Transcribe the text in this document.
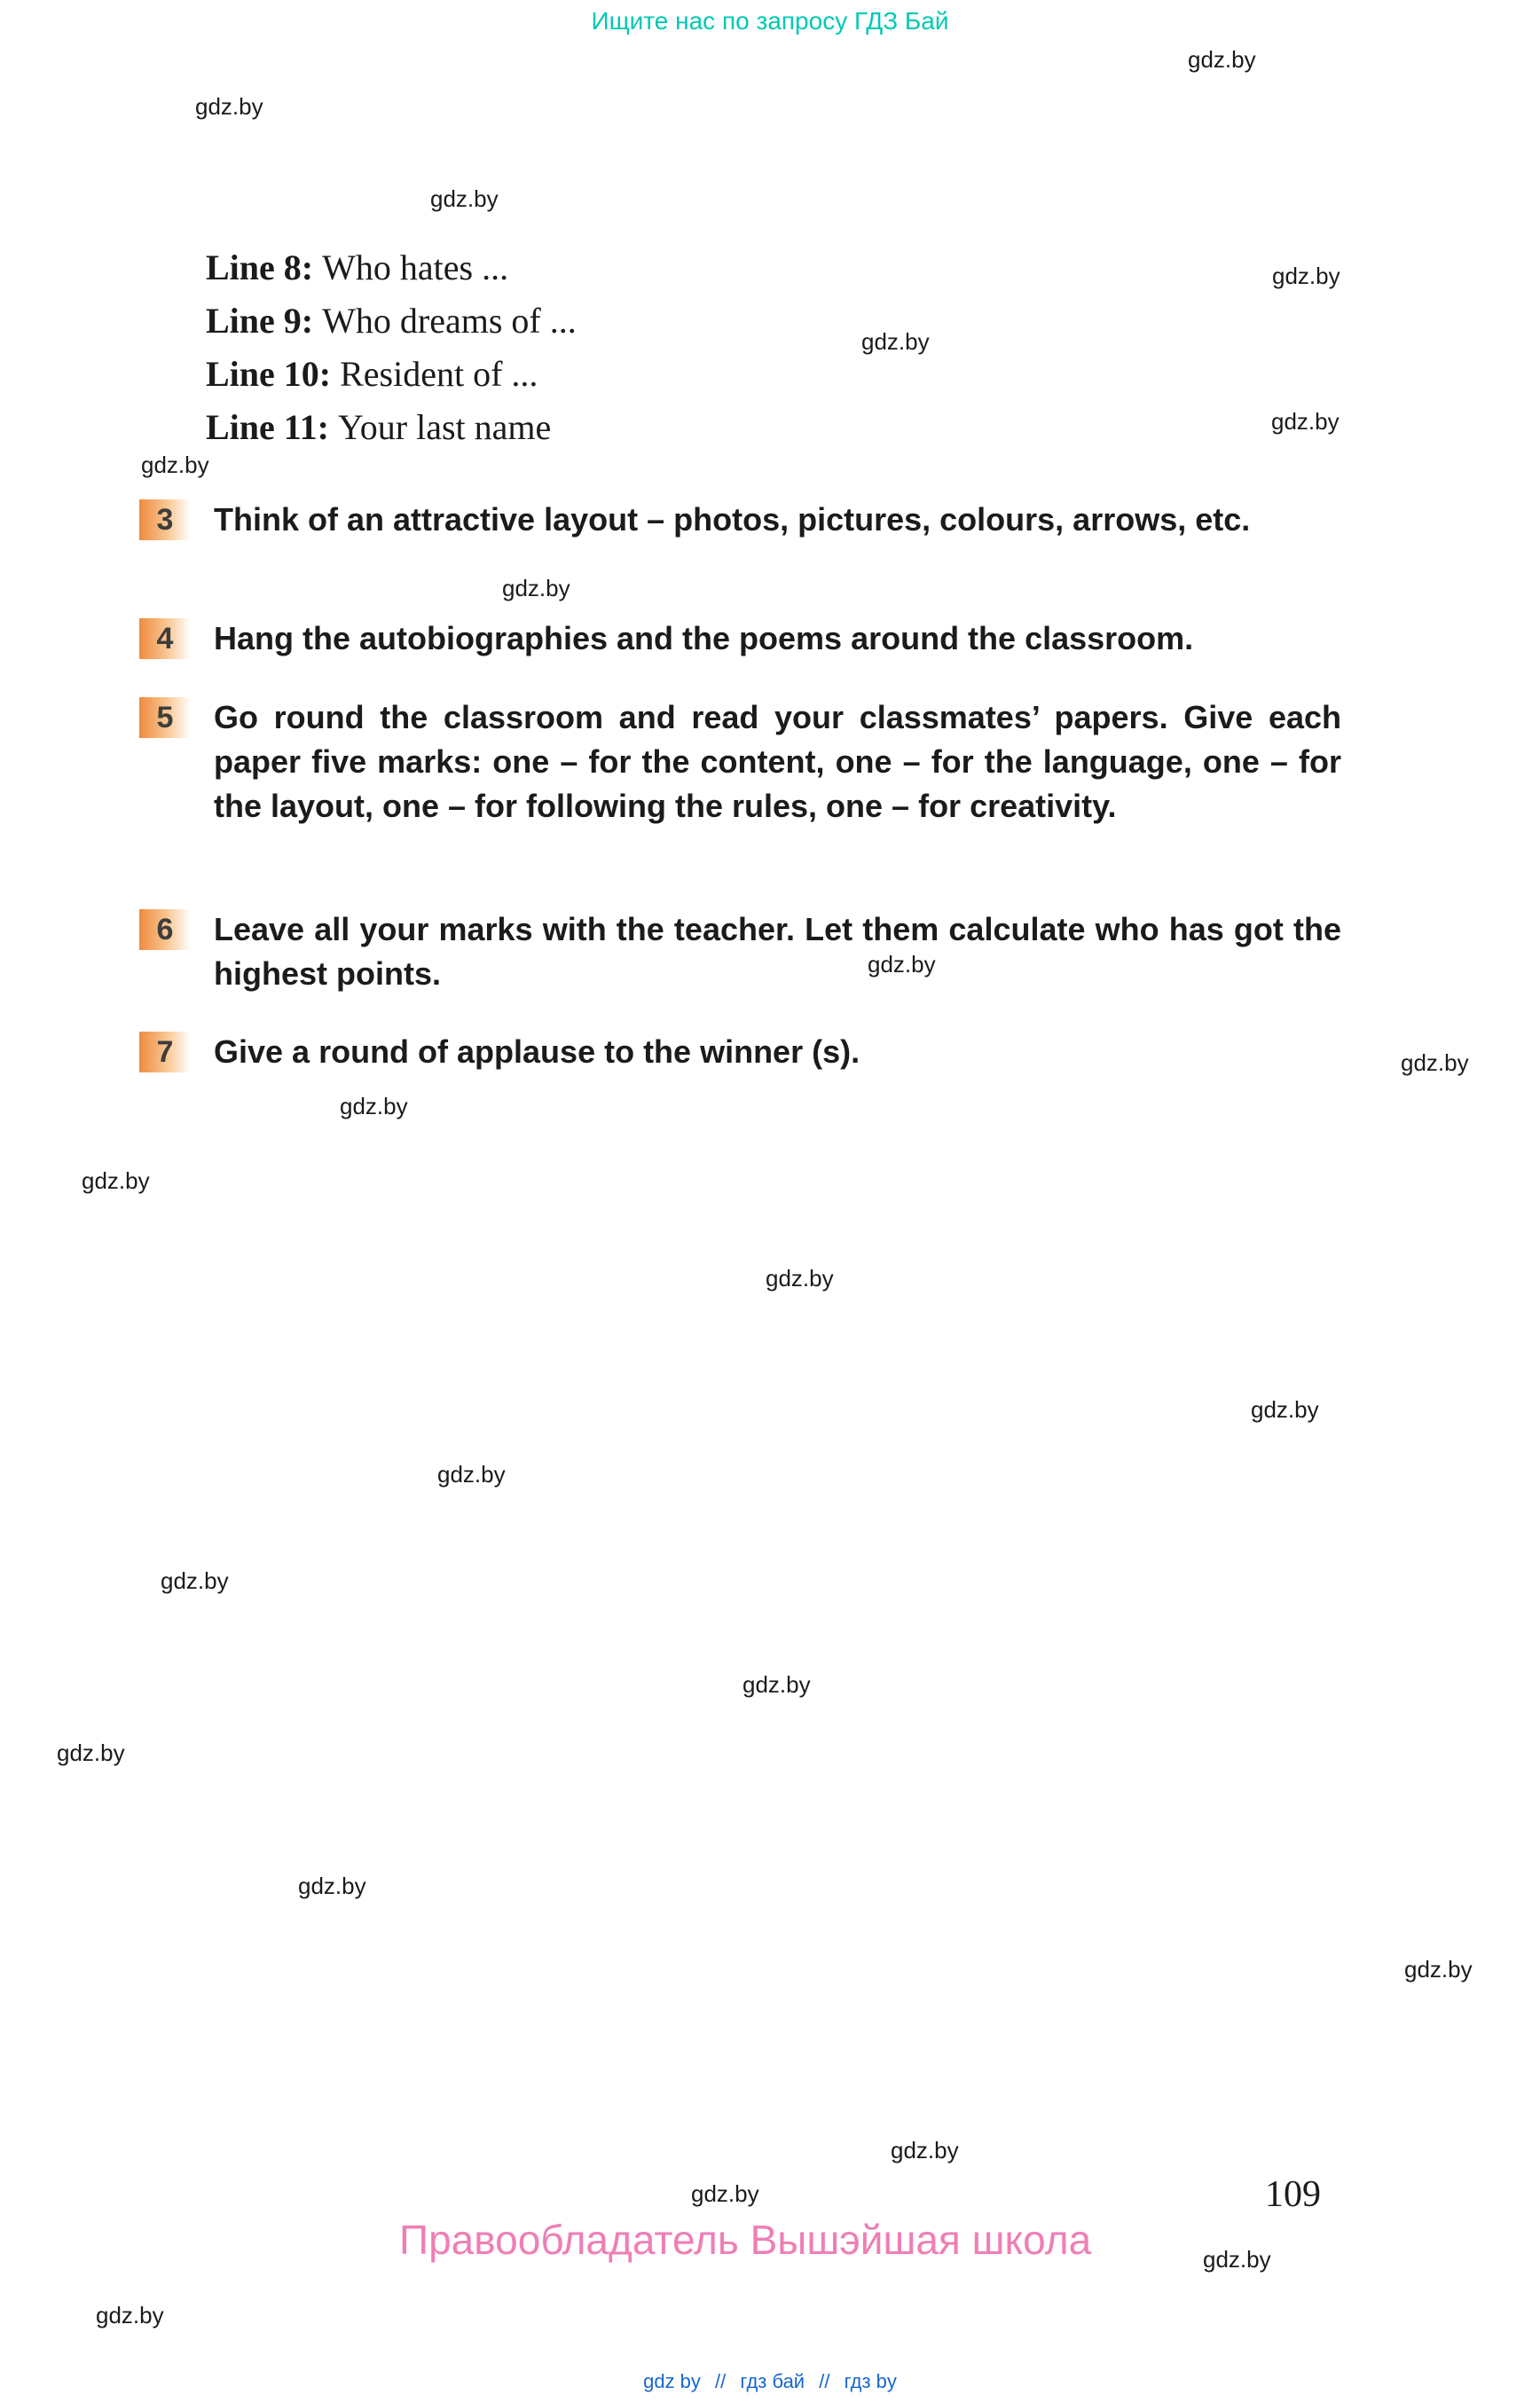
Ищите нас по запросу ГДЗ Бай
gdz.by
gdz.by
gdz.by
gdz.by
gdz.by
gdz.by
gdz.by
gdz.by
gdz.by
gdz.by
gdz.by
gdz.by
gdz.by
gdz.by
gdz.by
gdz.by
gdz.by
gdz.by
gdz.by
gdz.by
gdz.by
gdz.by
gdz.by
gdz.by
Line 8: Who hates ...
Line 9: Who dreams of ...
Line 10: Resident of ...
Line 11: Your last name
3	Think of an attractive layout – photos, pictures, colours, arrows, etc.
4	Hang the autobiographies and the poems around the classroom.
5	Go round the classroom and read your classmates’ papers. Give each paper five marks: one – for the content, one – for the language, one – for the layout, one – for following the rules, one – for creativity.
6	Leave all your marks with the teacher. Let them calculate who has got the highest points.
7	Give a round of applause to the winner (s).
109
Правообладатель Вышэйшая школа
gdz by // гдз бай // гдз by
